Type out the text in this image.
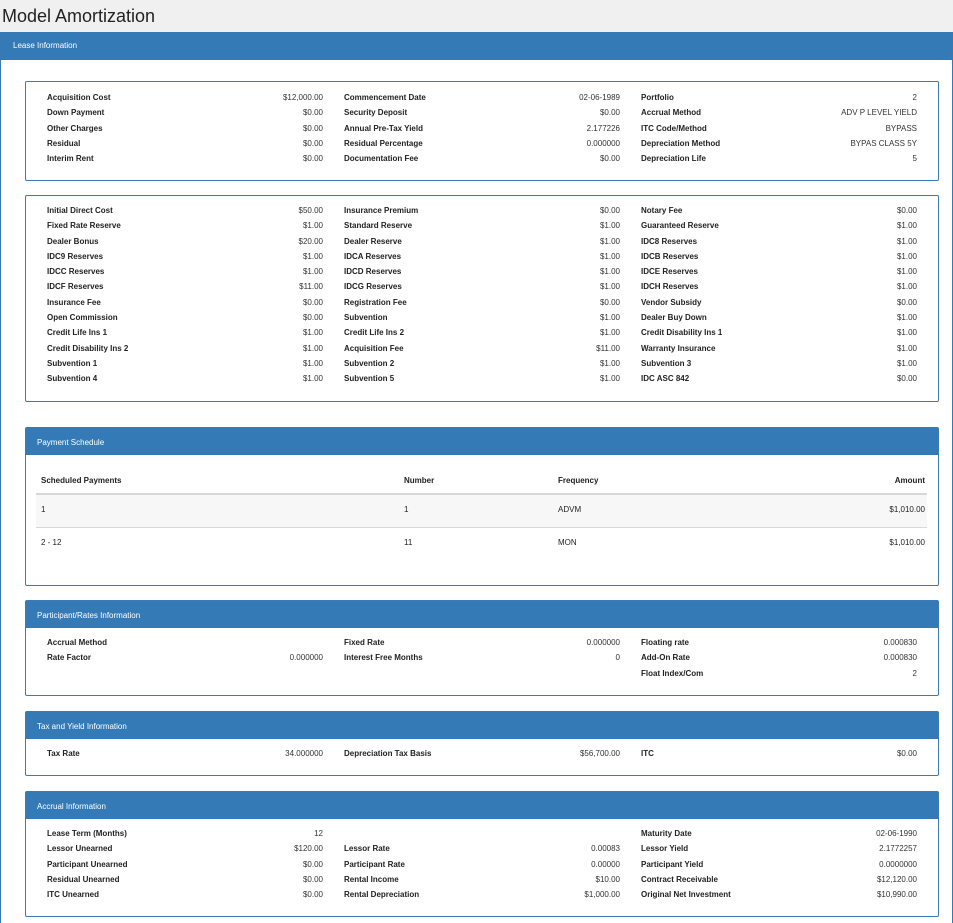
Model Amortization
Lease Information
Acquisition Cost	$12,000.00	Commencement Date	02-06-1989	Portfolio	2
Down Payment	$0.00	Security Deposit	$0.00	Accrual Method	ADV P LEVEL YIELD
Other Charges	$0.00	Annual Pre-Tax Yield	2.177226	ITC Code/Method	BYPASS
Residual	$0.00	Residual Percentage	0.000000	Depreciation Method	BYPAS CLASS 5Y
Interim Rent	$0.00	Documentation Fee	$0.00	Depreciation Life	5
Initial Direct Cost	$50.00	Insurance Premium	$0.00	Notary Fee	$0.00
Fixed Rate Reserve	$1.00	Standard Reserve	$1.00	Guaranteed Reserve	$1.00
Dealer Bonus	$20.00	Dealer Reserve	$1.00	IDC8 Reserves	$1.00
IDC9 Reserves	$1.00	IDCA Reserves	$1.00	IDCB Reserves	$1.00
IDCC Reserves	$1.00	IDCD Reserves	$1.00	IDCE Reserves	$1.00
IDCF Reserves	$11.00	IDCG Reserves	$1.00	IDCH Reserves	$1.00
Insurance Fee	$0.00	Registration Fee	$0.00	Vendor Subsidy	$0.00
Open Commission	$0.00	Subvention	$1.00	Dealer Buy Down	$1.00
Credit Life Ins 1	$1.00	Credit Life Ins 2	$1.00	Credit Disability Ins 1	$1.00
Credit Disability Ins 2	$1.00	Acquisition Fee	$11.00	Warranty Insurance	$1.00
Subvention 1	$1.00	Subvention 2	$1.00	Subvention 3	$1.00
Subvention 4	$1.00	Subvention 5	$1.00	IDC ASC 842	$0.00
Payment Schedule
Scheduled Payments	Number	Frequency	Amount
1	1	ADVM	$1,010.00
2 - 12	11	MON	$1,010.00
Participant/Rates Information
Accrual Method	Fixed Rate	0.000000	Floating rate	0.000830
Rate Factor	0.000000	Interest Free Months	0	Add-On Rate	0.000830
Float Index/Com	2
Tax and Yield Information
Tax Rate	34.000000	Depreciation Tax Basis	$56,700.00	ITC	$0.00
Accrual Information
Lease Term (Months)	12	Maturity Date	02-06-1990
Lessor Unearned	$120.00	Lessor Rate	0.00083	Lessor Yield	2.1772257
Participant Unearned	$0.00	Participant Rate	0.00000	Participant Yield	0.0000000
Residual Unearned	$0.00	Rental Income	$10.00	Contract Receivable	$12,120.00
ITC Unearned	$0.00	Rental Depreciation	$1,000.00	Original Net Investment	$10,990.00
